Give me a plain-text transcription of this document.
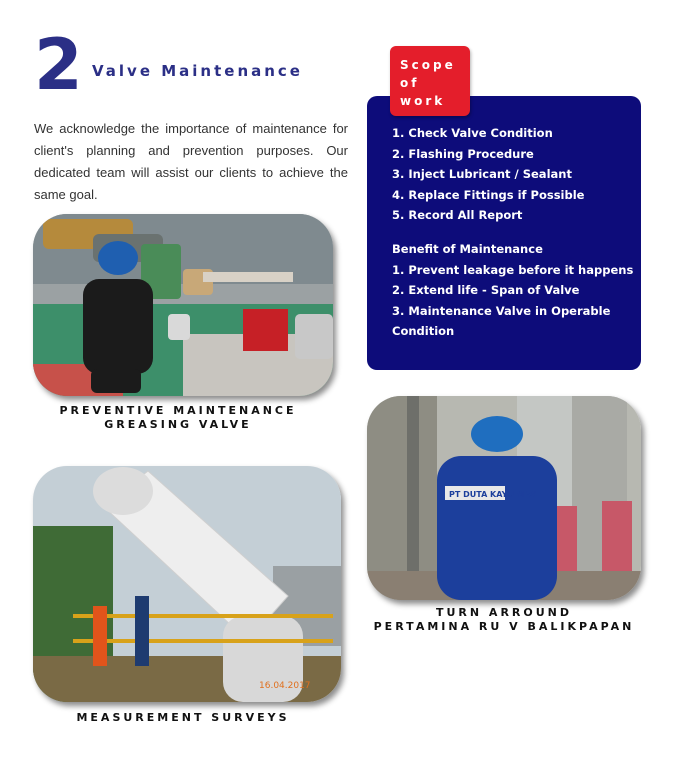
2 Valve Maintenance

We acknowledge the importance of maintenance for client's planning and prevention purposes. Our dedicated team will assist our clients to achieve the same goal.

PREVENTIVE MAINTENANCE
GREASING VALVE
Scope of work
1. Check Valve Condition
2. Flashing Procedure
3. Inject Lubricant / Sealant
4. Replace Fittings if Possible
5. Record All Report
Benefit of Maintenance
1. Prevent leakage before it happens
2. Extend life - Span of Valve
3. Maintenance Valve in Operable Condition
PT DUTA KAYU MAS
TURN ARROUND
PERTAMINA RU V BALIKPAPAN
16.04.2017
MEASUREMENT SURVEYS
